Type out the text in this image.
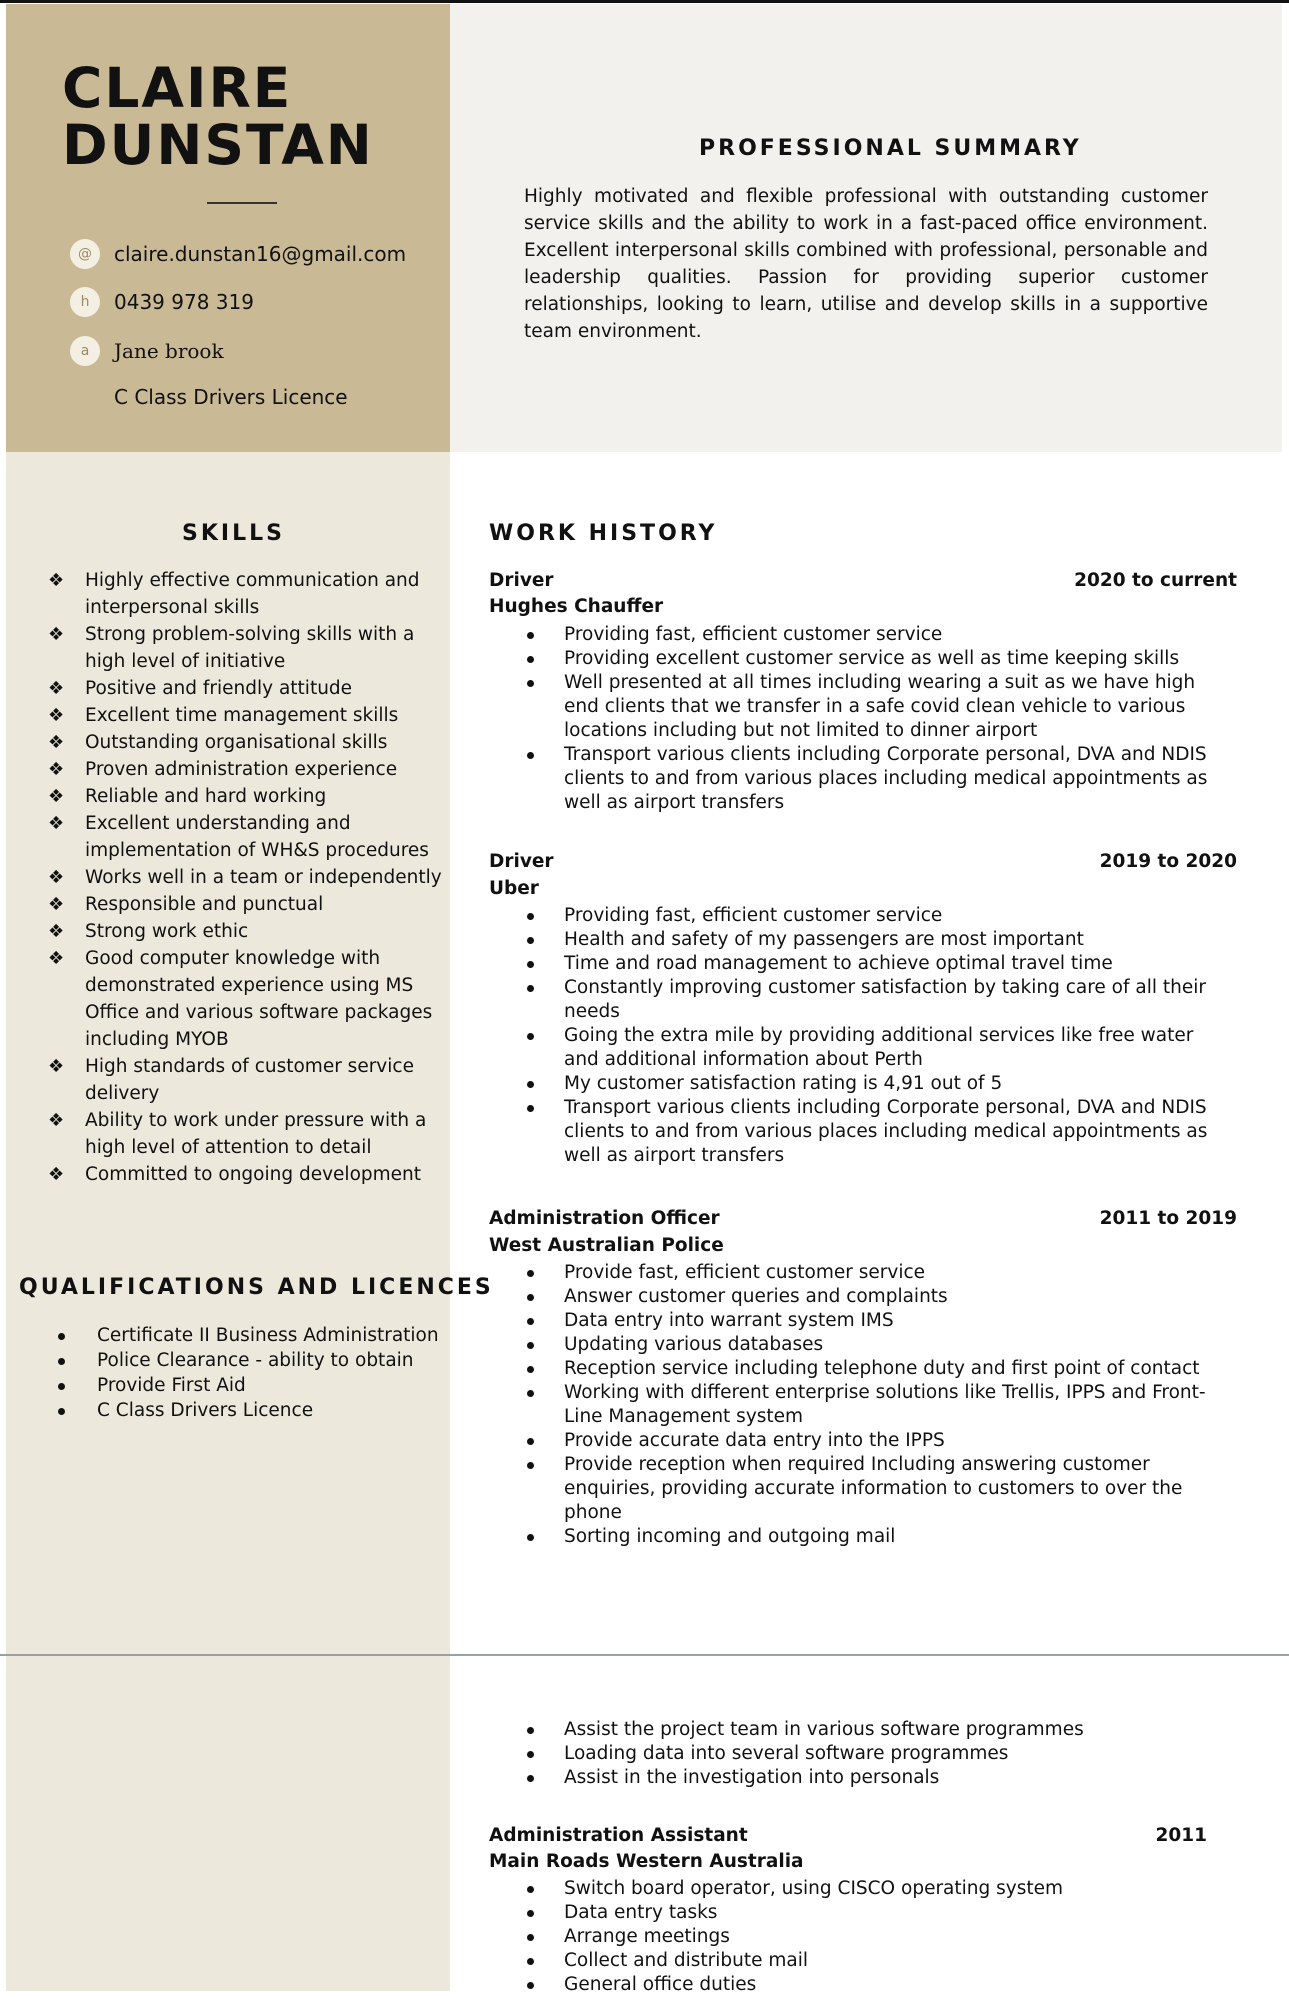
CLAIRE
DUNSTAN
@	claire.dunstan16@gmail.com
h	0439 978 319
a	Jane brook
C Class Drivers Licence
PROFESSIONAL SUMMARY
Highly motivated and flexible professional with outstanding customer service skills and the ability to work in a fast-paced office environment. Excellent interpersonal skills combined with professional, personable and leadership qualities. Passion for providing superior customer relationships, looking to learn, utilise and develop skills in a supportive team environment.
SKILLS
❖ Highly effective communication and interpersonal skills
❖ Strong problem-solving skills with a high level of initiative
❖ Positive and friendly attitude
❖ Excellent time management skills
❖ Outstanding organisational skills
❖ Proven administration experience
❖ Reliable and hard working
❖ Excellent understanding and implementation of WH&S procedures
❖ Works well in a team or independently
❖ Responsible and punctual
❖ Strong work ethic
❖ Good computer knowledge with demonstrated experience using MS Office and various software packages including MYOB
❖ High standards of customer service delivery
❖ Ability to work under pressure with a high level of attention to detail
❖ Committed to ongoing development
QUALIFICATIONS AND LICENCES
Certificate II Business Administration
Police Clearance - ability to obtain
Provide First Aid
C Class Drivers Licence
WORK HISTORY
Driver	2020 to current
Hughes Chauffer
Providing fast, efficient customer service
Providing excellent customer service as well as time keeping skills
Well presented at all times including wearing a suit as we have high end clients that we transfer in a safe covid clean vehicle to various locations including but not limited to dinner airport
Transport various clients including Corporate personal, DVA and NDIS clients to and from various places including medical appointments as well as airport transfers
Driver	2019 to 2020
Uber
Providing fast, efficient customer service
Health and safety of my passengers are most important
Time and road management to achieve optimal travel time
Constantly improving customer satisfaction by taking care of all their needs
Going the extra mile by providing additional services like free water and additional information about Perth
My customer satisfaction rating is 4,91 out of 5
Transport various clients including Corporate personal, DVA and NDIS clients to and from various places including medical appointments as well as airport transfers
Administration Officer	2011 to 2019
West Australian Police
Provide fast, efficient customer service
Answer customer queries and complaints
Data entry into warrant system IMS
Updating various databases
Reception service including telephone duty and first point of contact
Working with different enterprise solutions like Trellis, IPPS and Front-Line Management system
Provide accurate data entry into the IPPS
Provide reception when required Including answering customer enquiries, providing accurate information to customers to over the phone
Sorting incoming and outgoing mail
Assist the project team in various software programmes
Loading data into several software programmes
Assist in the investigation into personals
Administration Assistant	2011
Main Roads Western Australia
Switch board operator, using CISCO operating system
Data entry tasks
Arrange meetings
Collect and distribute mail
General office duties
